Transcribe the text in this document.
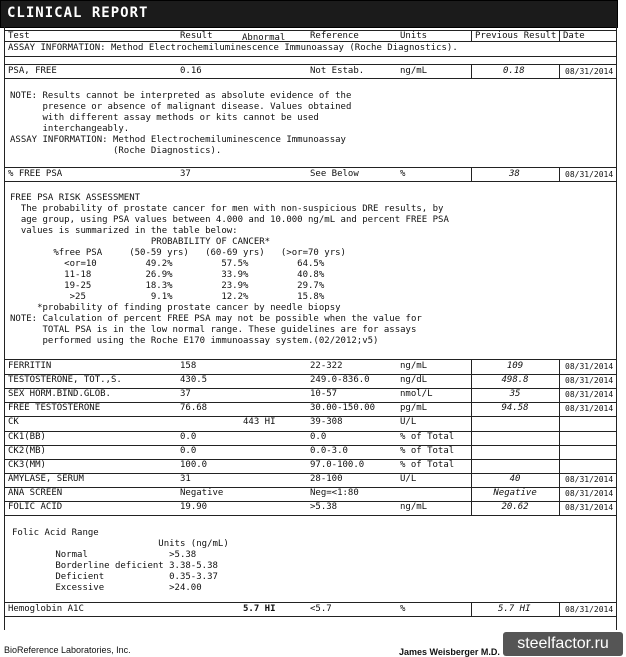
CLINICAL REPORT
Test	Result	Abnormal	Reference	Units	Previous Result Date
ASSAY INFORMATION: Method Electrochemiluminescence Immunoassay (Roche Diagnostics).
PSA, FREE	0.16	Not Estab.	ng/mL	0.18	08/31/2014
NOTE: Results cannot be interpreted as absolute evidence of the
presence or absence of malignant disease. Values obtained
with different assay methods or kits cannot be used
interchangeably.
ASSAY INFORMATION: Method Electrochemiluminescence Immunoassay
(Roche Diagnostics).
% FREE PSA	37	See Below	%	38	08/31/2014
FREE PSA RISK ASSESSMENT
The probability of prostate cancer for men with non-suspicious DRE results, by
age group, using PSA values between 4.000 and 10.000 ng/mL and percent FREE PSA
values is summarized in the table below:
PROBABILITY OF CANCER*
%free PSA     (50-59 yrs)   (60-69 yrs)   (>or=70 yrs)
<or=10         49.2%         57.5%         64.5%
11-18          26.9%         33.9%         40.8%
19-25          18.3%         23.9%         29.7%
>25            9.1%         12.2%         15.8%
*probability of finding prostate cancer by needle biopsy
NOTE: Calculation of percent FREE PSA may not be possible when the value for
TOTAL PSA is in the low normal range. These guidelines are for assays
performed using the Roche E170 immunoassay system.(02/2012;v5)
FERRITIN	158	22-322	ng/mL	109	08/31/2014
TESTOSTERONE, TOT.,S.	430.5	249.0-836.0	ng/dL	498.8	08/31/2014
SEX HORM.BIND.GLOB.	37	10-57	nmol/L	35	08/31/2014
FREE TESTOSTERONE	76.68	30.00-150.00	pg/mL	94.58	08/31/2014
CK	443 HI	39-308	U/L
CK1(BB)	0.0	0.0	% of Total
CK2(MB)	0.0	0.0-3.0	% of Total
CK3(MM)	100.0	97.0-100.0	% of Total
AMYLASE, SERUM	31	28-100	U/L	40	08/31/2014
ANA SCREEN	Negative	Neg=<1:80	Negative	08/31/2014
FOLIC ACID	19.90	>5.38	ng/mL	20.62	08/31/2014
Folic Acid Range
Units (ng/mL)
Normal               >5.38
Borderline deficient 3.38-5.38
Deficient            0.35-3.37
Excessive            >24.00
Hemoglobin A1C	5.7 HI	<5.7	%	5.7 HI	08/31/2014
BioReference Laboratories, Inc.	James Weisberger M.D.	steelfactor.ru
